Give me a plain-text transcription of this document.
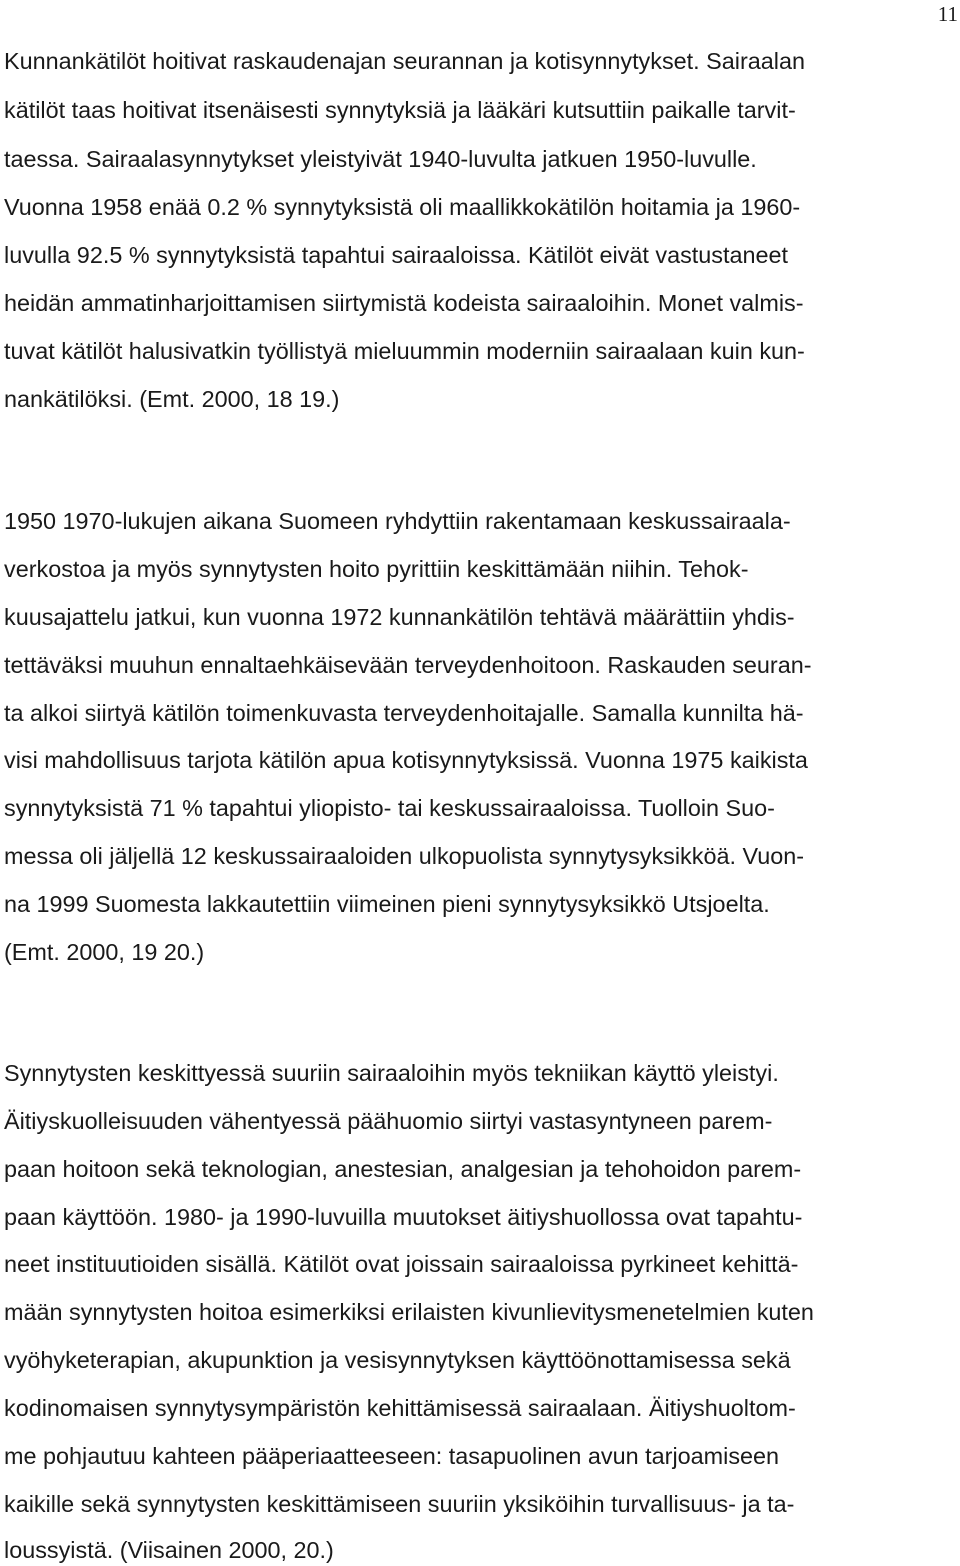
11

Kunnankätilöt hoitivat raskaudenajan seurannan ja kotisynnytykset. Sairaalan

kätilöt taas hoitivat itsenäisesti synnytyksiä ja lääkäri kutsuttiin paikalle tarvit-

taessa. Sairaalasynnytykset yleistyivät 1940-luvulta jatkuen 1950-luvulle.

Vuonna 1958 enää 0.2 % synnytyksistä oli maallikkokätilön hoitamia ja 1960-

luvulla 92.5 % synnytyksistä tapahtui sairaaloissa. Kätilöt eivät vastustaneet

heidän ammatinharjoittamisen siirtymistä kodeista sairaaloihin. Monet valmis-

tuvat kätilöt halusivatkin työllistyä mieluummin moderniin sairaalaan kuin kun-

nankätilöksi. (Emt. 2000, 18 19.)

1950 1970-lukujen aikana Suomeen ryhdyttiin rakentamaan keskussairaala-

verkostoa ja myös synnytysten hoito pyrittiin keskittämään niihin. Tehok-

kuusajattelu jatkui, kun vuonna 1972 kunnankätilön tehtävä määrättiin yhdis-

tettäväksi muuhun ennaltaehkäisevään terveydenhoitoon. Raskauden seuran-

ta alkoi siirtyä kätilön toimenkuvasta terveydenhoitajalle. Samalla kunnilta hä-

visi mahdollisuus tarjota kätilön apua kotisynnytyksissä. Vuonna 1975 kaikista

synnytyksistä 71 % tapahtui yliopisto- tai keskussairaaloissa. Tuolloin Suo-

messa oli jäljellä 12 keskussairaaloiden ulkopuolista synnytysyksikköä. Vuon-

na 1999 Suomesta lakkautettiin viimeinen pieni synnytysyksikkö Utsjoelta.

(Emt. 2000, 19 20.)

Synnytysten keskittyessä suuriin sairaaloihin myös tekniikan käyttö yleistyi.

Äitiyskuolleisuuden vähentyessä päähuomio siirtyi vastasyntyneen parem-

paan hoitoon sekä teknologian, anestesian, analgesian ja tehohoidon parem-

paan käyttöön. 1980- ja 1990-luvuilla muutokset äitiyshuollossa ovat tapahtu-

neet instituutioiden sisällä. Kätilöt ovat joissain sairaaloissa pyrkineet kehittä-

mään synnytysten hoitoa esimerkiksi erilaisten kivunlievitysmenetelmien kuten

vyöhyketerapian, akupunktion ja vesisynnytyksen käyttöönottamisessa sekä

kodinomaisen synnytysympäristön kehittämisessä sairaalaan. Äitiyshuoltom-

me pohjautuu kahteen pääperiaatteeseen: tasapuolinen avun tarjoamiseen

kaikille sekä synnytysten keskittämiseen suuriin yksiköihin turvallisuus- ja ta-

loussyistä. (Viisainen 2000, 20.)
